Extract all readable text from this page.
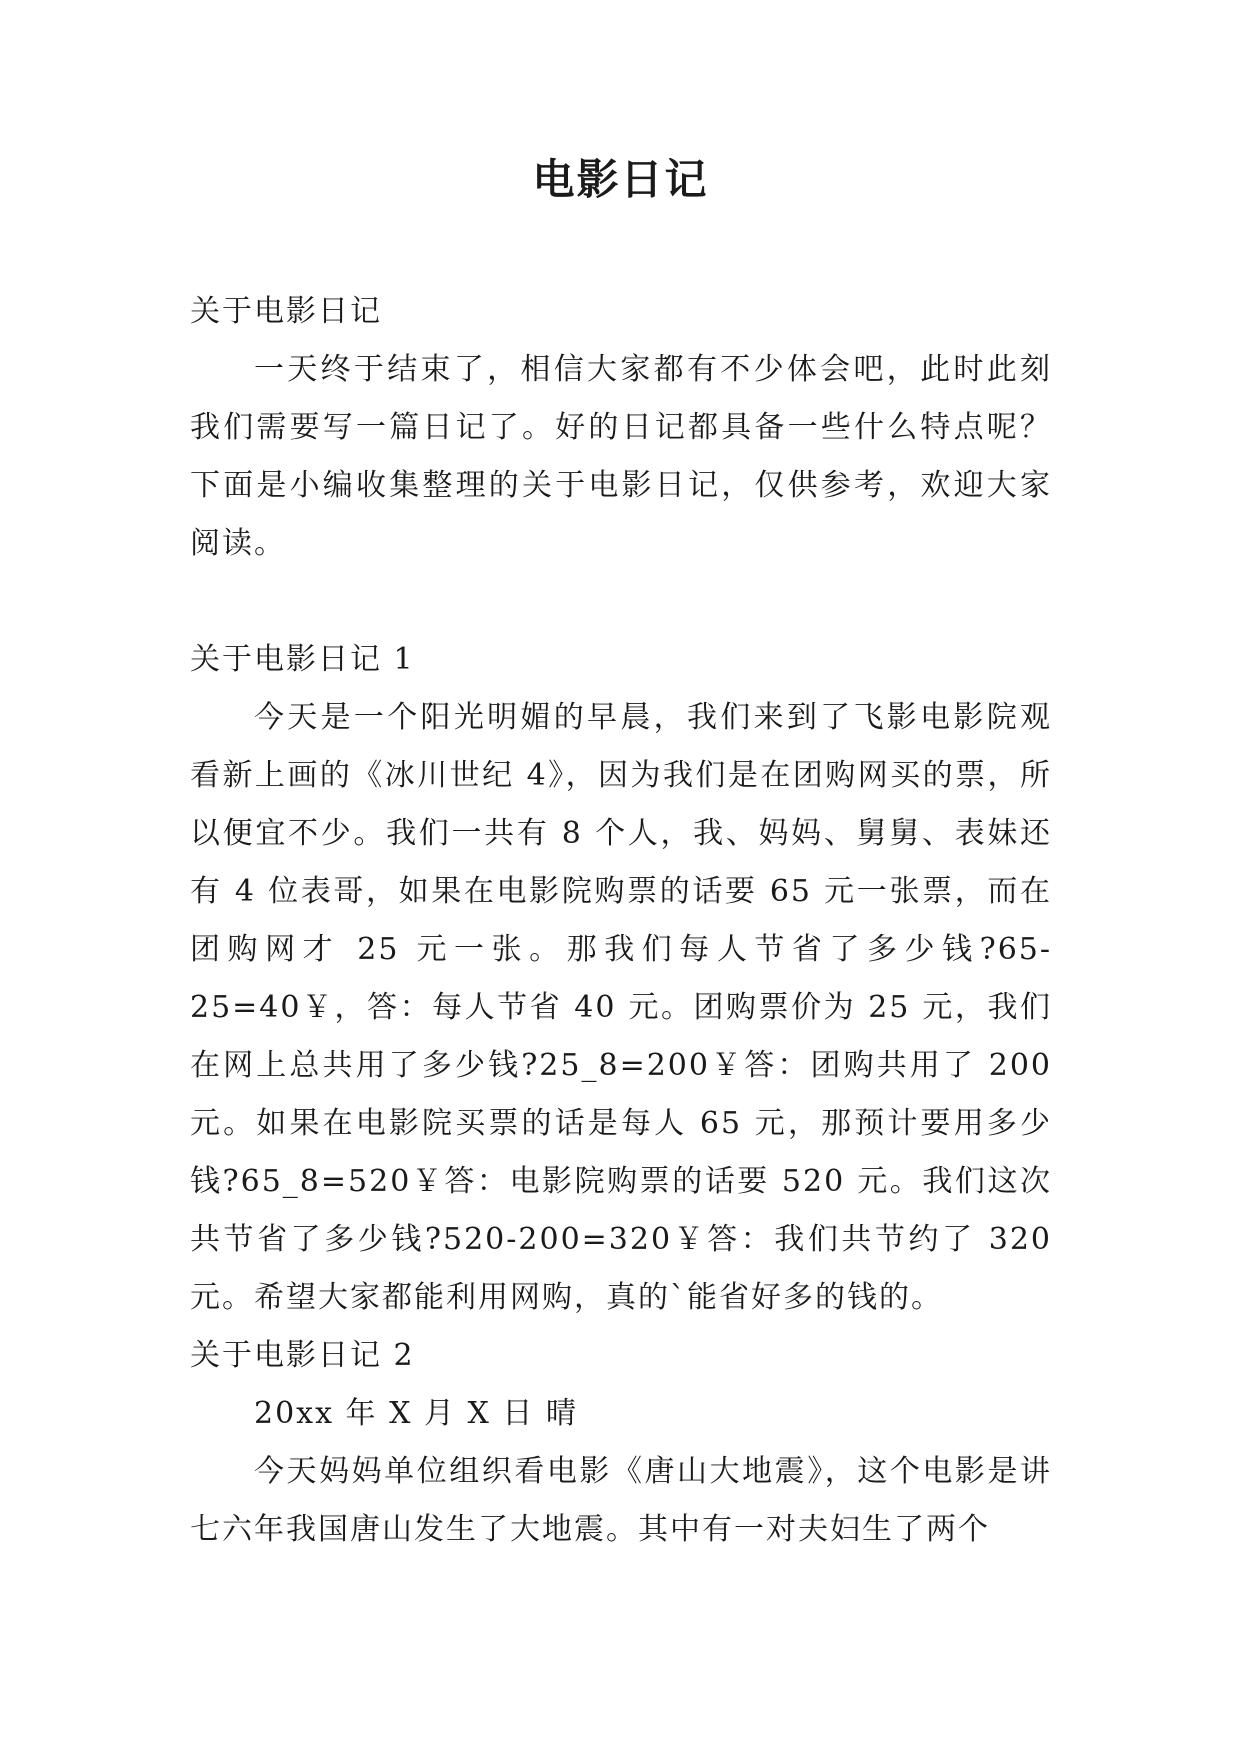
电影日记

关于电影日记

一天终于结束了，相信大家都有不少体会吧，此时此刻我们需要写一篇日记了。好的日记都具备一些什么特点呢？下面是小编收集整理的关于电影日记，仅供参考，欢迎大家阅读。

关于电影日记 1

今天是一个阳光明媚的早晨，我们来到了飞影电影院观看新上画的《冰川世纪 4》，因为我们是在团购网买的票，所以便宜不少。我们一共有 8 个人，我、妈妈、舅舅、表妹还有 4 位表哥，如果在电影院购票的话要 65 元一张票，而在团购网才 25 元一张。那我们每人节省了多少钱?65-25=40￥，答：每人节省 40 元。团购票价为 25 元，我们在网上总共用了多少钱?25_8=200￥答：团购共用了 200 元。如果在电影院买票的话是每人 65 元，那预计要用多少钱?65_8=520￥答：电影院购票的话要 520 元。我们这次共节省了多少钱?520-200=320￥答：我们共节约了 320 元。希望大家都能利用网购，真的`能省好多的钱的。

关于电影日记 2

20xx 年 X 月 X 日 晴

今天妈妈单位组织看电影《唐山大地震》，这个电影是讲七六年我国唐山发生了大地震。其中有一对夫妇生了两个
